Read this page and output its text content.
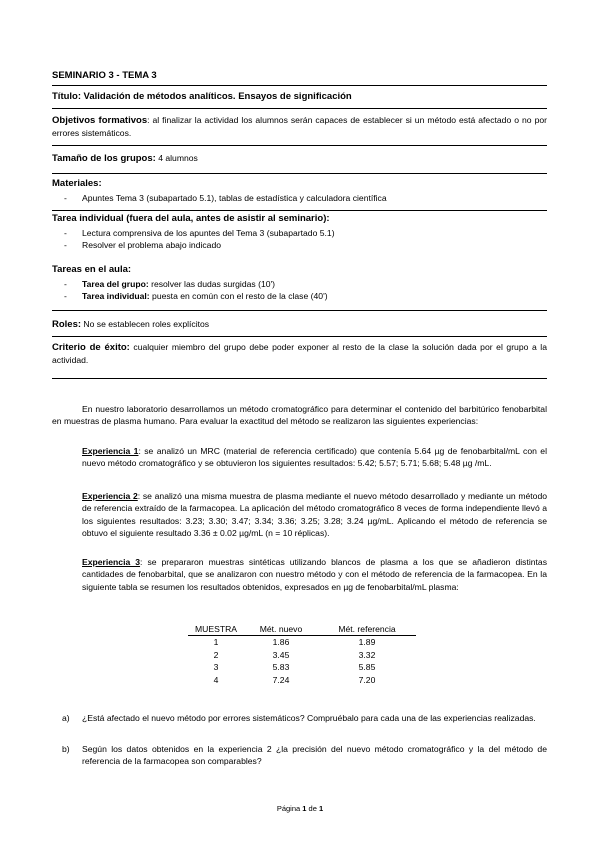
SEMINARIO 3 - TEMA 3
Título: Validación de métodos analíticos. Ensayos de significación
Objetivos formativos: al finalizar la actividad los alumnos serán capaces de establecer si un método está afectado o no por errores sistemáticos.
Tamaño de los grupos: 4 alumnos
Materiales:
- Apuntes Tema 3 (subapartado 5.1), tablas de estadística y calculadora científica
Tarea individual (fuera del aula, antes de asistir al seminario):
- Lectura comprensiva de los apuntes del Tema 3 (subapartado 5.1)
- Resolver el problema abajo indicado
Tareas en el aula:
- Tarea del grupo: resolver las dudas surgidas (10')
- Tarea individual: puesta en común con el resto de la clase (40')
Roles: No se establecen roles explícitos
Criterio de éxito: cualquier miembro del grupo debe poder exponer al resto de la clase la solución dada por el grupo a la actividad.
En nuestro laboratorio desarrollamos un método cromatográfico para determinar el contenido del barbitúrico fenobarbital en muestras de plasma humano. Para evaluar la exactitud del método se realizaron las siguientes experiencias:
Experiencia 1: se analizó un MRC (material de referencia certificado) que contenía 5.64 µg de fenobarbital/mL con el nuevo método cromatográfico y se obtuvieron los siguientes resultados: 5.42; 5.57; 5.71; 5.68; 5.48 µg /mL.
Experiencia 2: se analizó una misma muestra de plasma mediante el nuevo método desarrollado y mediante un método de referencia extraído de la farmacopea. La aplicación del método cromatográfico 8 veces de forma independiente llevó a los siguientes resultados: 3.23; 3.30; 3.47; 3.34; 3.36; 3.25; 3.28; 3.24 µg/mL. Aplicando el método de referencia se obtuvo el siguiente resultado 3.36 ± 0.02 µg/mL (n = 10 réplicas).
Experiencia 3: se prepararon muestras sintéticas utilizando blancos de plasma a los que se añadieron distintas cantidades de fenobarbital, que se analizaron con nuestro método y con el método de referencia de la farmacopea. En la siguiente tabla se resumen los resultados obtenidos, expresados en µg de fenobarbital/mL plasma:
MUESTRA	Mét. nuevo	Mét. referencia
1	1.86	1.89
2	3.45	3.32
3	5.83	5.85
4	7.24	7.20
a) ¿Está afectado el nuevo método por errores sistemáticos? Compruébalo para cada una de las experiencias realizadas.
b) Según los datos obtenidos en la experiencia 2 ¿la precisión del nuevo método cromatográfico y la del método de referencia de la farmacopea son comparables?
Página 1 de 1
